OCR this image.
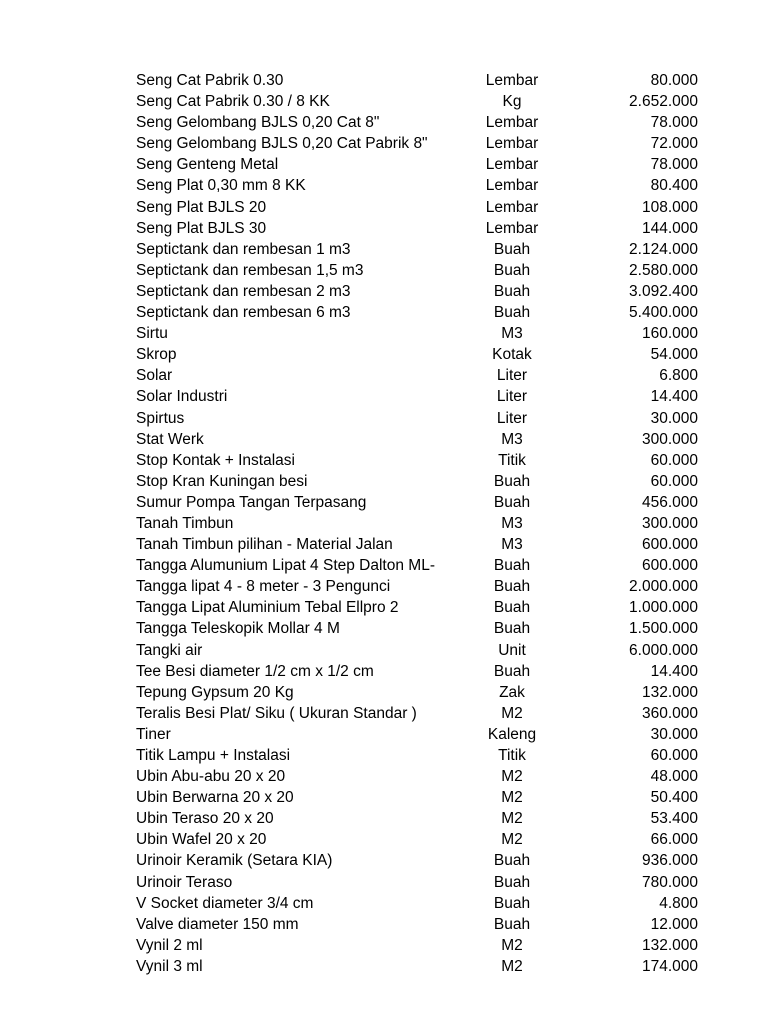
Seng Cat Pabrik 0.30	Lembar	80.000
Seng Cat Pabrik 0.30 / 8 KK	Kg	2.652.000
Seng Gelombang BJLS 0,20 Cat 8"	Lembar	78.000
Seng Gelombang BJLS 0,20 Cat Pabrik 8"	Lembar	72.000
Seng Genteng Metal	Lembar	78.000
Seng Plat 0,30 mm 8 KK	Lembar	80.400
Seng Plat BJLS 20	Lembar	108.000
Seng Plat BJLS 30	Lembar	144.000
Septictank dan rembesan 1 m3	Buah	2.124.000
Septictank dan rembesan 1,5 m3	Buah	2.580.000
Septictank dan rembesan 2 m3	Buah	3.092.400
Septictank dan rembesan 6 m3	Buah	5.400.000
Sirtu	M3	160.000
Skrop	Kotak	54.000
Solar	Liter	6.800
Solar Industri	Liter	14.400
Spirtus	Liter	30.000
Stat Werk	M3	300.000
Stop Kontak + Instalasi	Titik	60.000
Stop Kran Kuningan besi	Buah	60.000
Sumur Pompa Tangan Terpasang	Buah	456.000
Tanah Timbun	M3	300.000
Tanah Timbun pilihan - Material Jalan	M3	600.000
Tangga Alumunium Lipat 4 Step Dalton ML-	Buah	600.000
Tangga lipat 4 - 8 meter - 3 Pengunci	Buah	2.000.000
Tangga Lipat Aluminium Tebal Ellpro 2	Buah	1.000.000
Tangga Teleskopik Mollar 4 M	Buah	1.500.000
Tangki air	Unit	6.000.000
Tee Besi diameter 1/2 cm x 1/2 cm	Buah	14.400
Tepung Gypsum 20 Kg	Zak	132.000
Teralis Besi Plat/ Siku ( Ukuran Standar )	M2	360.000
Tiner	Kaleng	30.000
Titik Lampu + Instalasi	Titik	60.000
Ubin Abu-abu 20 x 20	M2	48.000
Ubin Berwarna 20 x 20	M2	50.400
Ubin Teraso 20 x 20	M2	53.400
Ubin Wafel 20 x 20	M2	66.000
Urinoir Keramik (Setara KIA)	Buah	936.000
Urinoir Teraso	Buah	780.000
V Socket diameter 3/4 cm	Buah	4.800
Valve diameter 150 mm	Buah	12.000
Vynil 2 ml	M2	132.000
Vynil 3 ml	M2	174.000
